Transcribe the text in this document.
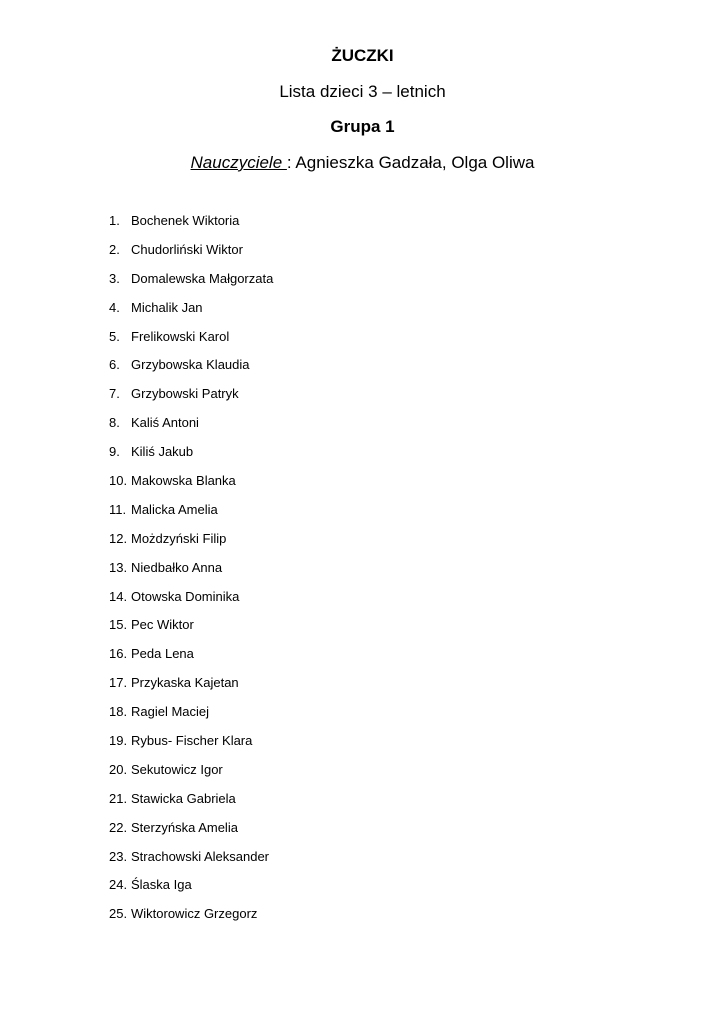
ŻUCZKI
Lista dzieci 3 – letnich
Grupa 1
Nauczyciele : Agnieszka Gadzała, Olga Oliwa
1. Bochenek Wiktoria
2. Chudorliński Wiktor
3. Domalewska Małgorzata
4. Michalik Jan
5. Frelikowski Karol
6. Grzybowska Klaudia
7. Grzybowski Patryk
8. Kaliś Antoni
9. Kiliś Jakub
10. Makowska Blanka
11. Malicka Amelia
12. Możdzyński Filip
13. Niedbałko Anna
14. Otowska Dominika
15. Pec Wiktor
16. Peda Lena
17. Przykaska Kajetan
18. Ragiel Maciej
19. Rybus- Fischer Klara
20. Sekutowicz Igor
21. Stawicka Gabriela
22. Sterzyńska Amelia
23. Strachowski Aleksander
24. Ślaska Iga
25. Wiktorowicz Grzegorz
